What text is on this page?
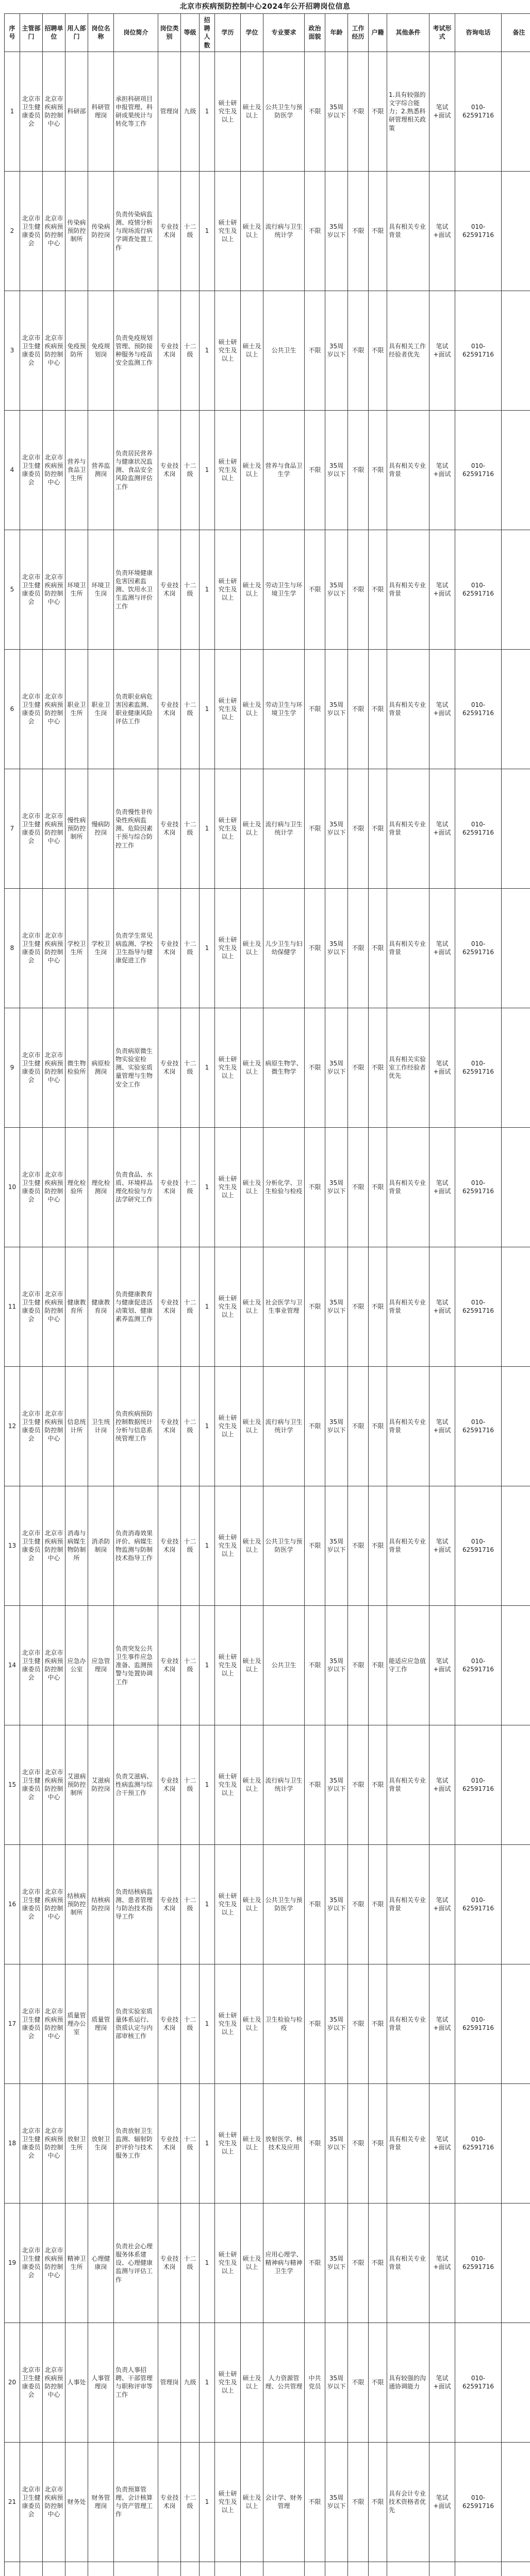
北京市疾病预防控制中心2024年公开招聘岗位信息
序号	主管部门	招聘单位	用人部门	岗位名称	岗位简介	岗位类别	等级	招聘人数	学历	学位	专业要求	政治面貌	年龄	工作经历	户籍	其他条件	考试形式	咨询电话	备注
1	北京市卫生健康委员会	北京市疾病预防控制中心	科研部	科研管理岗	承担科研项目申报管理、科研成果统计与转化等工作	管理岗	九级	1	硕士研究生及以上	硕士及以上	公共卫生与预防医学	不限	35周岁以下	不限	不限	1.具有较强的文字综合能力；2.熟悉科研管理相关政策	笔试+面试	010-62591716	
2	北京市卫生健康委员会	北京市疾病预防控制中心	传染病预防控制所	传染病防控岗	负责传染病监测、疫情分析与现场流行病学调查处置工作	专业技术岗	十二级	1	硕士研究生及以上	硕士及以上	流行病与卫生统计学	不限	35周岁以下	不限	不限	具有相关专业背景	笔试+面试	010-62591716	
3	北京市卫生健康委员会	北京市疾病预防控制中心	免疫预防所	免疫规划岗	负责免疫规划管理、预防接种服务与疫苗安全监测工作	专业技术岗	十二级	1	硕士研究生及以上	硕士及以上	公共卫生	不限	35周岁以下	不限	不限	具有相关工作经验者优先	笔试+面试	010-62591716	
4	北京市卫生健康委员会	北京市疾病预防控制中心	营养与食品卫生所	营养监测岗	负责居民营养与健康状况监测、食品安全风险监测评估工作	专业技术岗	十二级	1	硕士研究生及以上	硕士及以上	营养与食品卫生学	不限	35周岁以下	不限	不限	具有相关专业背景	笔试+面试	010-62591716	
5	北京市卫生健康委员会	北京市疾病预防控制中心	环境卫生所	环境卫生岗	负责环境健康危害因素监测、饮用水卫生监测与评价工作	专业技术岗	十二级	1	硕士研究生及以上	硕士及以上	劳动卫生与环境卫生学	不限	35周岁以下	不限	不限	具有相关专业背景	笔试+面试	010-62591716	
6	北京市卫生健康委员会	北京市疾病预防控制中心	职业卫生所	职业卫生岗	负责职业病危害因素监测、职业健康风险评估工作	专业技术岗	十二级	1	硕士研究生及以上	硕士及以上	劳动卫生与环境卫生学	不限	35周岁以下	不限	不限	具有相关专业背景	笔试+面试	010-62591716	
7	北京市卫生健康委员会	北京市疾病预防控制中心	慢性病预防控制所	慢病防控岗	负责慢性非传染性疾病监测、危险因素干预与综合防控工作	专业技术岗	十二级	1	硕士研究生及以上	硕士及以上	流行病与卫生统计学	不限	35周岁以下	不限	不限	具有相关专业背景	笔试+面试	010-62591716	
8	北京市卫生健康委员会	北京市疾病预防控制中心	学校卫生所	学校卫生岗	负责学生常见病监测、学校卫生指导与健康促进工作	专业技术岗	十二级	1	硕士研究生及以上	硕士及以上	儿少卫生与妇幼保健学	不限	35周岁以下	不限	不限	具有相关专业背景	笔试+面试	010-62591716	
9	北京市卫生健康委员会	北京市疾病预防控制中心	微生物检验所	病原检测岗	负责病原微生物实验室检测、实验室质量管理与生物安全工作	专业技术岗	十二级	1	硕士研究生及以上	硕士及以上	病原生物学、微生物学	不限	35周岁以下	不限	不限	具有相关实验室工作经验者优先	笔试+面试	010-62591716	
10	北京市卫生健康委员会	北京市疾病预防控制中心	理化检验所	理化检测岗	负责食品、水质、环境样品理化检验与方法学研究工作	专业技术岗	十二级	1	硕士研究生及以上	硕士及以上	分析化学、卫生检验与检疫	不限	35周岁以下	不限	不限	具有相关专业背景	笔试+面试	010-62591716	
11	北京市卫生健康委员会	北京市疾病预防控制中心	健康教育所	健康教育岗	负责健康教育与健康促进活动策划、健康素养监测工作	专业技术岗	十二级	1	硕士研究生及以上	硕士及以上	社会医学与卫生事业管理	不限	35周岁以下	不限	不限	具有相关专业背景	笔试+面试	010-62591716	
12	北京市卫生健康委员会	北京市疾病预防控制中心	信息统计所	卫生统计岗	负责疾病预防控制数据统计分析与信息系统管理工作	专业技术岗	十二级	1	硕士研究生及以上	硕士及以上	流行病与卫生统计学	不限	35周岁以下	不限	不限	具有相关专业背景	笔试+面试	010-62591716	
13	北京市卫生健康委员会	北京市疾病预防控制中心	消毒与病媒生物防制所	消杀防制岗	负责消毒效果评价、病媒生物监测与防制技术指导工作	专业技术岗	十二级	1	硕士研究生及以上	硕士及以上	公共卫生与预防医学	不限	35周岁以下	不限	不限	具有相关专业背景	笔试+面试	010-62591716	
14	北京市卫生健康委员会	北京市疾病预防控制中心	应急办公室	应急管理岗	负责突发公共卫生事件应急准备、监测预警与处置协调工作	专业技术岗	十二级	1	硕士研究生及以上	硕士及以上	公共卫生	不限	35周岁以下	不限	不限	能适应应急值守工作	笔试+面试	010-62591716	
15	北京市卫生健康委员会	北京市疾病预防控制中心	艾滋病预防控制所	艾滋病防控岗	负责艾滋病、性病监测与综合干预工作	专业技术岗	十二级	1	硕士研究生及以上	硕士及以上	流行病与卫生统计学	不限	35周岁以下	不限	不限	具有相关专业背景	笔试+面试	010-62591716	
16	北京市卫生健康委员会	北京市疾病预防控制中心	结核病预防控制所	结核病防控岗	负责结核病监测、患者管理与防治技术指导工作	专业技术岗	十二级	1	硕士研究生及以上	硕士及以上	公共卫生与预防医学	不限	35周岁以下	不限	不限	具有相关专业背景	笔试+面试	010-62591716	
17	北京市卫生健康委员会	北京市疾病预防控制中心	质量管理办公室	质量管理岗	负责实验室质量体系运行、资质认定与内部审核工作	专业技术岗	十二级	1	硕士研究生及以上	硕士及以上	卫生检验与检疫	不限	35周岁以下	不限	不限	具有相关专业背景	笔试+面试	010-62591716	
18	北京市卫生健康委员会	北京市疾病预防控制中心	放射卫生所	放射卫生岗	负责放射卫生监测、辐射防护评价与技术服务工作	专业技术岗	十二级	1	硕士研究生及以上	硕士及以上	放射医学、核技术及应用	不限	35周岁以下	不限	不限	具有相关专业背景	笔试+面试	010-62591716	
19	北京市卫生健康委员会	北京市疾病预防控制中心	精神卫生所	心理健康岗	负责社会心理服务体系建设、心理健康监测与评估工作	专业技术岗	十二级	1	硕士研究生及以上	硕士及以上	应用心理学、精神病与精神卫生学	不限	35周岁以下	不限	不限	具有相关专业背景	笔试+面试	010-62591716	
20	北京市卫生健康委员会	北京市疾病预防控制中心	人事处	人事管理岗	负责人事招聘、干部管理与职称评审等工作	管理岗	九级	1	硕士研究生及以上	硕士及以上	人力资源管理、公共管理	中共党员	35周岁以下	不限	不限	具有较强的沟通协调能力	笔试+面试	010-62591716	
21	北京市卫生健康委员会	北京市疾病预防控制中心	财务处	财务管理岗	负责预算管理、会计核算与资产管理工作	专业技术岗	十二级	1	硕士研究生及以上	硕士及以上	会计学、财务管理	不限	35周岁以下	不限	不限	具有会计专业技术资格者优先	笔试+面试	010-62591716	
